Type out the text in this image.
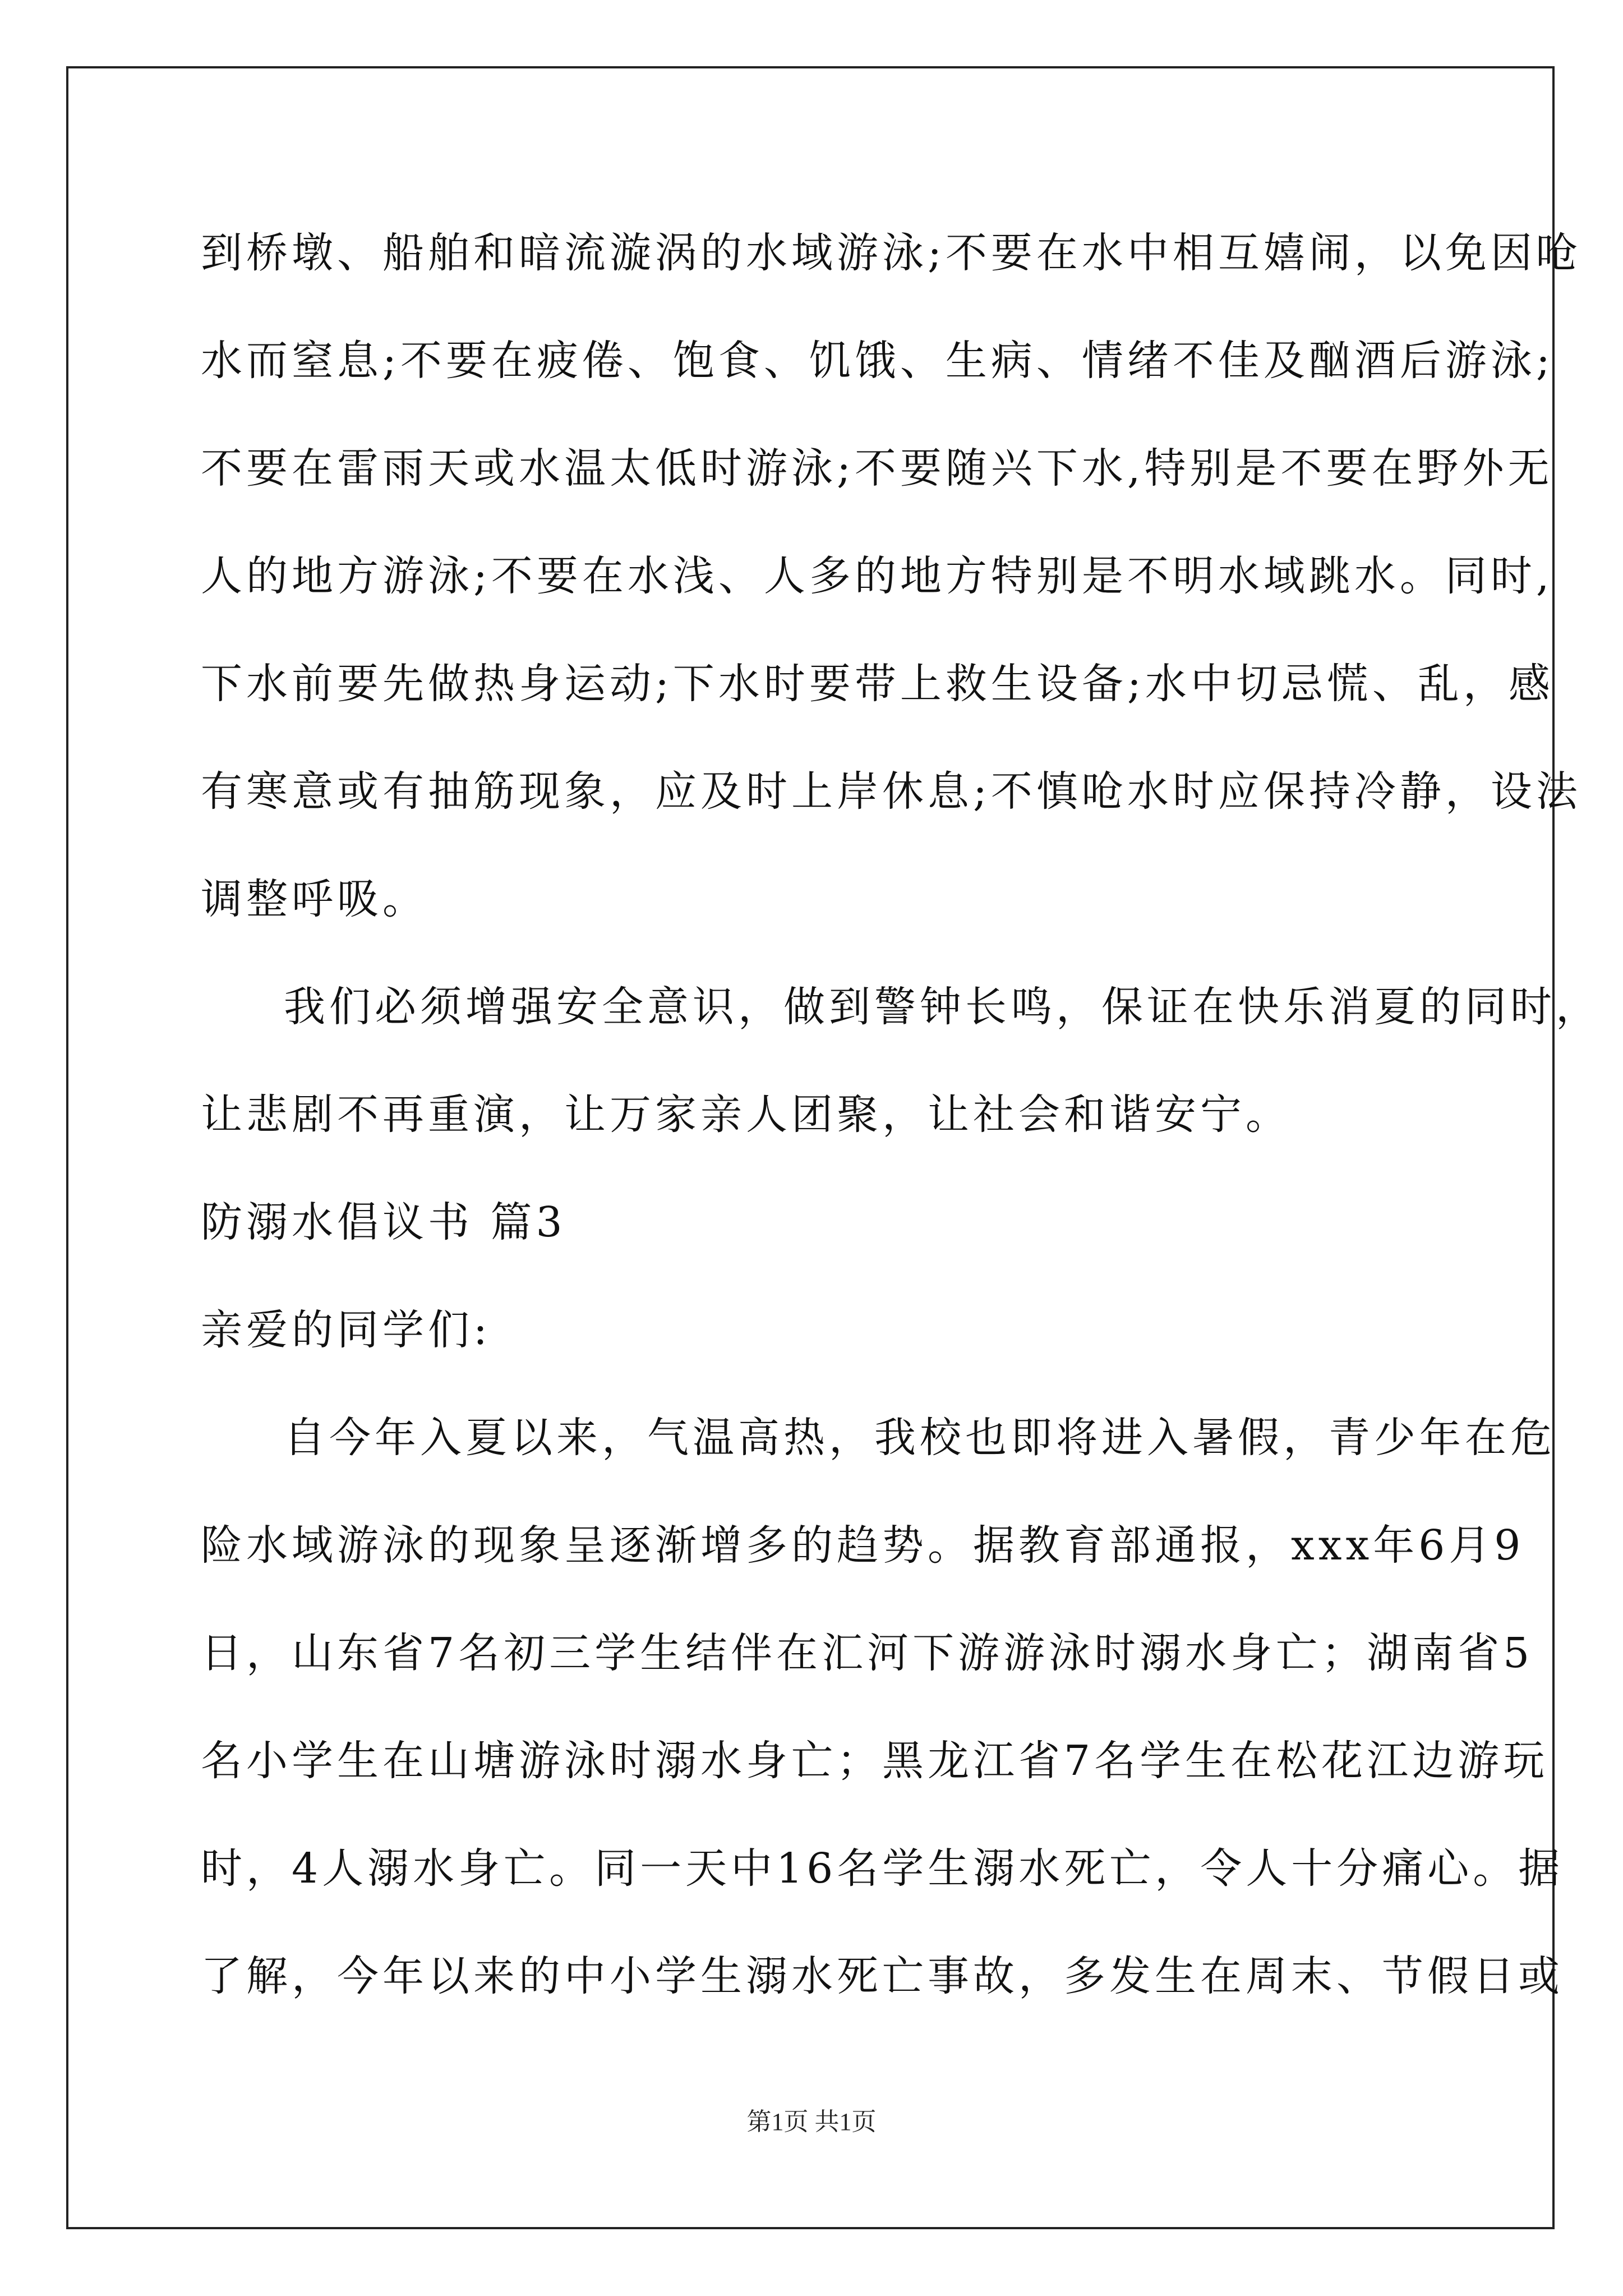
到桥墩、船舶和暗流漩涡的水域游泳;不要在水中相互嬉闹，以免因呛
水而窒息;不要在疲倦、饱食、饥饿、生病、情绪不佳及酗酒后游泳;
不要在雷雨天或水温太低时游泳;不要随兴下水,特别是不要在野外无
人的地方游泳;不要在水浅、人多的地方特别是不明水域跳水。同时,
下水前要先做热身运动;下水时要带上救生设备;水中切忌慌、乱，感
有寒意或有抽筋现象，应及时上岸休息;不慎呛水时应保持冷静，设法
调整呼吸。
我们必须增强安全意识，做到警钟长鸣，保证在快乐消夏的同时，
让悲剧不再重演，让万家亲人团聚，让社会和谐安宁。
防溺水倡议书 篇3
亲爱的同学们:
自今年入夏以来，气温高热，我校也即将进入暑假，青少年在危
险水域游泳的现象呈逐渐增多的趋势。据教育部通报，xxx年6月9
日，山东省7名初三学生结伴在汇河下游游泳时溺水身亡；湖南省5
名小学生在山塘游泳时溺水身亡；黑龙江省7名学生在松花江边游玩
时，4人溺水身亡。同一天中16名学生溺水死亡，令人十分痛心。据
了解，今年以来的中小学生溺水死亡事故，多发生在周末、节假日或
第1页 共1页
